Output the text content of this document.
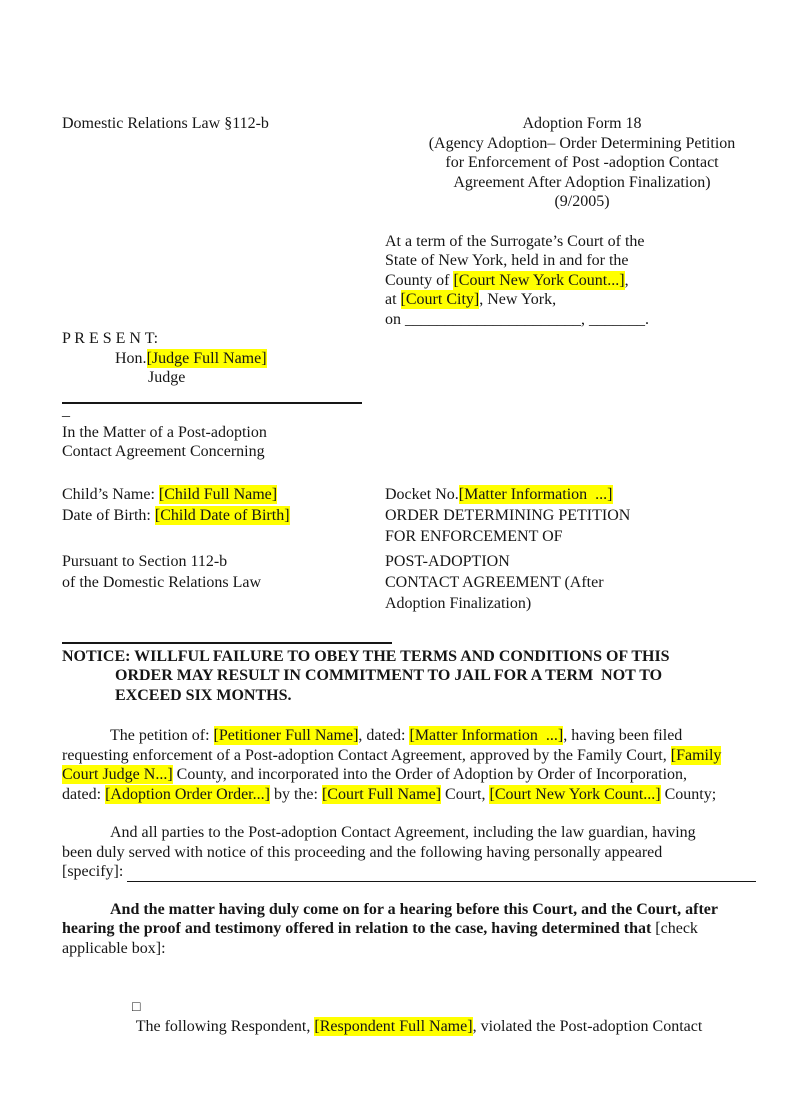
Domestic Relations Law §112-b	Adoption Form 18
(Agency Adoption– Order Determining Petition
for Enforcement of Post -adoption Contact
Agreement After Adoption Finalization)
(9/2005)
At a term of the Surrogate’s Court of the
State of New York, held in and for the
County of [Court New York Count...],
at [Court City], New York,
on ______________________, _______.
P R E S E N T:
Hon.[Judge Full Name]
Judge
_
In the Matter of a Post-adoption
Contact Agreement Concerning
Child’s Name: [Child Full Name]
Date of Birth: [Child Date of Birth]
Docket No.[Matter Information  ...]
ORDER DETERMINING PETITION
FOR ENFORCEMENT OF
Pursuant to Section 112-b
of the Domestic Relations Law
POST-ADOPTION
CONTACT AGREEMENT (After
Adoption Finalization)
NOTICE: WILLFUL FAILURE TO OBEY THE TERMS AND CONDITIONS OF THIS
ORDER MAY RESULT IN COMMITMENT TO JAIL FOR A TERM  NOT TO
EXCEED SIX MONTHS.
The petition of: [Petitioner Full Name], dated: [Matter Information  ...], having been filed
requesting enforcement of a Post-adoption Contact Agreement, approved by the Family Court, [Family
Court Judge N...] County, and incorporated into the Order of Adoption by Order of Incorporation,
dated: [Adoption Order Order...] by the: [Court Full Name] Court, [Court New York Count...] County;
And all parties to the Post-adoption Contact Agreement, including the law guardian, having
been duly served with notice of this proceeding and the following having personally appeared
[specify]:
And the matter having duly come on for a hearing before this Court, and the Court, after
hearing the proof and testimony offered in relation to the case, having determined that [check
applicable box]:

□
The following Respondent, [Respondent Full Name], violated the Post-adoption Contact
